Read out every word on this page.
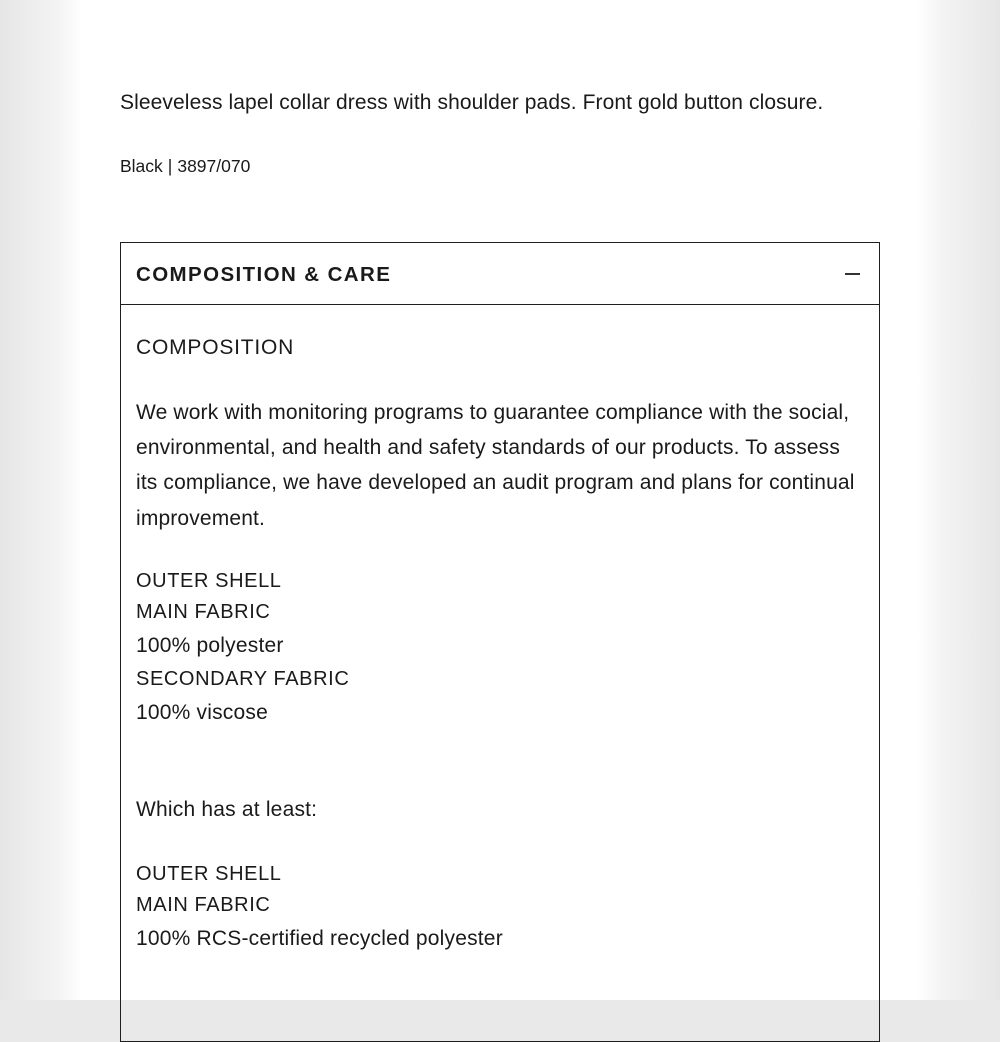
Sleeveless lapel collar dress with shoulder pads. Front gold button closure.
Black | 3897/070
COMPOSITION & CARE
COMPOSITION
We work with monitoring programs to guarantee compliance with the social, environmental, and health and safety standards of our products. To assess its compliance, we have developed an audit program and plans for continual improvement.
OUTER SHELL
MAIN FABRIC
100% polyester
SECONDARY FABRIC
100% viscose
Which has at least:
OUTER SHELL
MAIN FABRIC
100% RCS-certified recycled polyester
